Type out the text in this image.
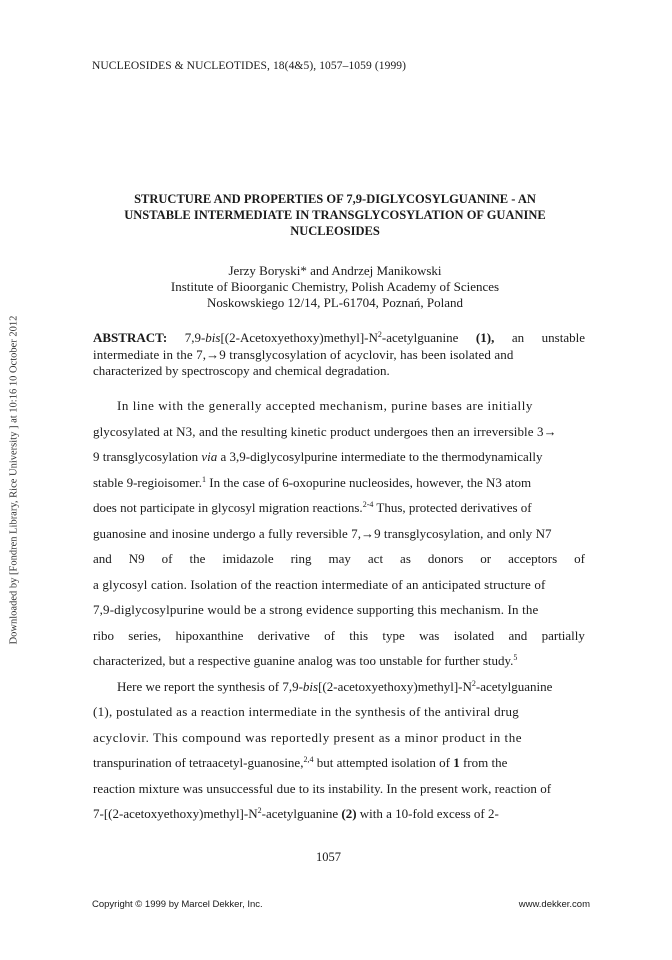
NUCLEOSIDES & NUCLEOTIDES, 18(4&5), 1057–1059 (1999)
STRUCTURE AND PROPERTIES OF 7,9-DIGLYCOSYLGUANINE - AN
UNSTABLE INTERMEDIATE IN TRANSGLYCOSYLATION OF GUANINE
NUCLEOSIDES
Jerzy Boryski* and Andrzej Manikowski
Institute of Bioorganic Chemistry, Polish Academy of Sciences
Noskowskiego 12/14, PL-61704, Poznań, Poland
ABSTRACT: $7,9-bis[(2-Acetoxyethoxy)methyl]-N^2$-acetylguanine (1), an unstable
intermediate in the 7,→9 transglycosylation of acyclovir, has been isolated and
characterized by spectroscopy and chemical degradation.
In line with the generally accepted mechanism, purine bases are initially
glycosylated at N3, and the resulting kinetic product undergoes then an irreversible 3→
9 transglycosylation via a 3,9-diglycosylpurine intermediate to the thermodynamically
stable 9-regioisomer.$^1$ In the case of 6-oxopurine nucleosides, however, the N3 atom
does not participate in glycosyl migration reactions.$^{2-4}$ Thus, protected derivatives of
guanosine and inosine undergo a fully reversible 7,→9 transglycosylation, and only N7
and N9 of the imidazole ring may act as donors or acceptors of
a glycosyl cation. Isolation of the reaction intermediate of an anticipated structure of
7,9-diglycosylpurine would be a strong evidence supporting this mechanism. In the
ribo series, hipoxanthine derivative of this type was isolated and partially
characterized, but a respective guanine analog was too unstable for further study.$^5$
Here we report the synthesis of $7,9-bis[(2-acetoxyethoxy)methyl]-N^2$-acetylguanine
(1), postulated as a reaction intermediate in the synthesis of the antiviral drug
acyclovir. This compound was reportedly present as a minor product in the
transpurination of tetraacetyl-guanosine,$^{2,4}$ but attempted isolation of 1 from the
reaction mixture was unsuccessful due to its instability. In the present work, reaction of
$7-[(2-acetoxyethoxy)methyl]-N^2$-acetylguanine (2) with a 10-fold excess of 2-
1057
Copyright © 1999 by Marcel Dekker, Inc.	www.dekker.com
Downloaded by [Fondren Library, Rice University ] at 10:16 10 October 2012
